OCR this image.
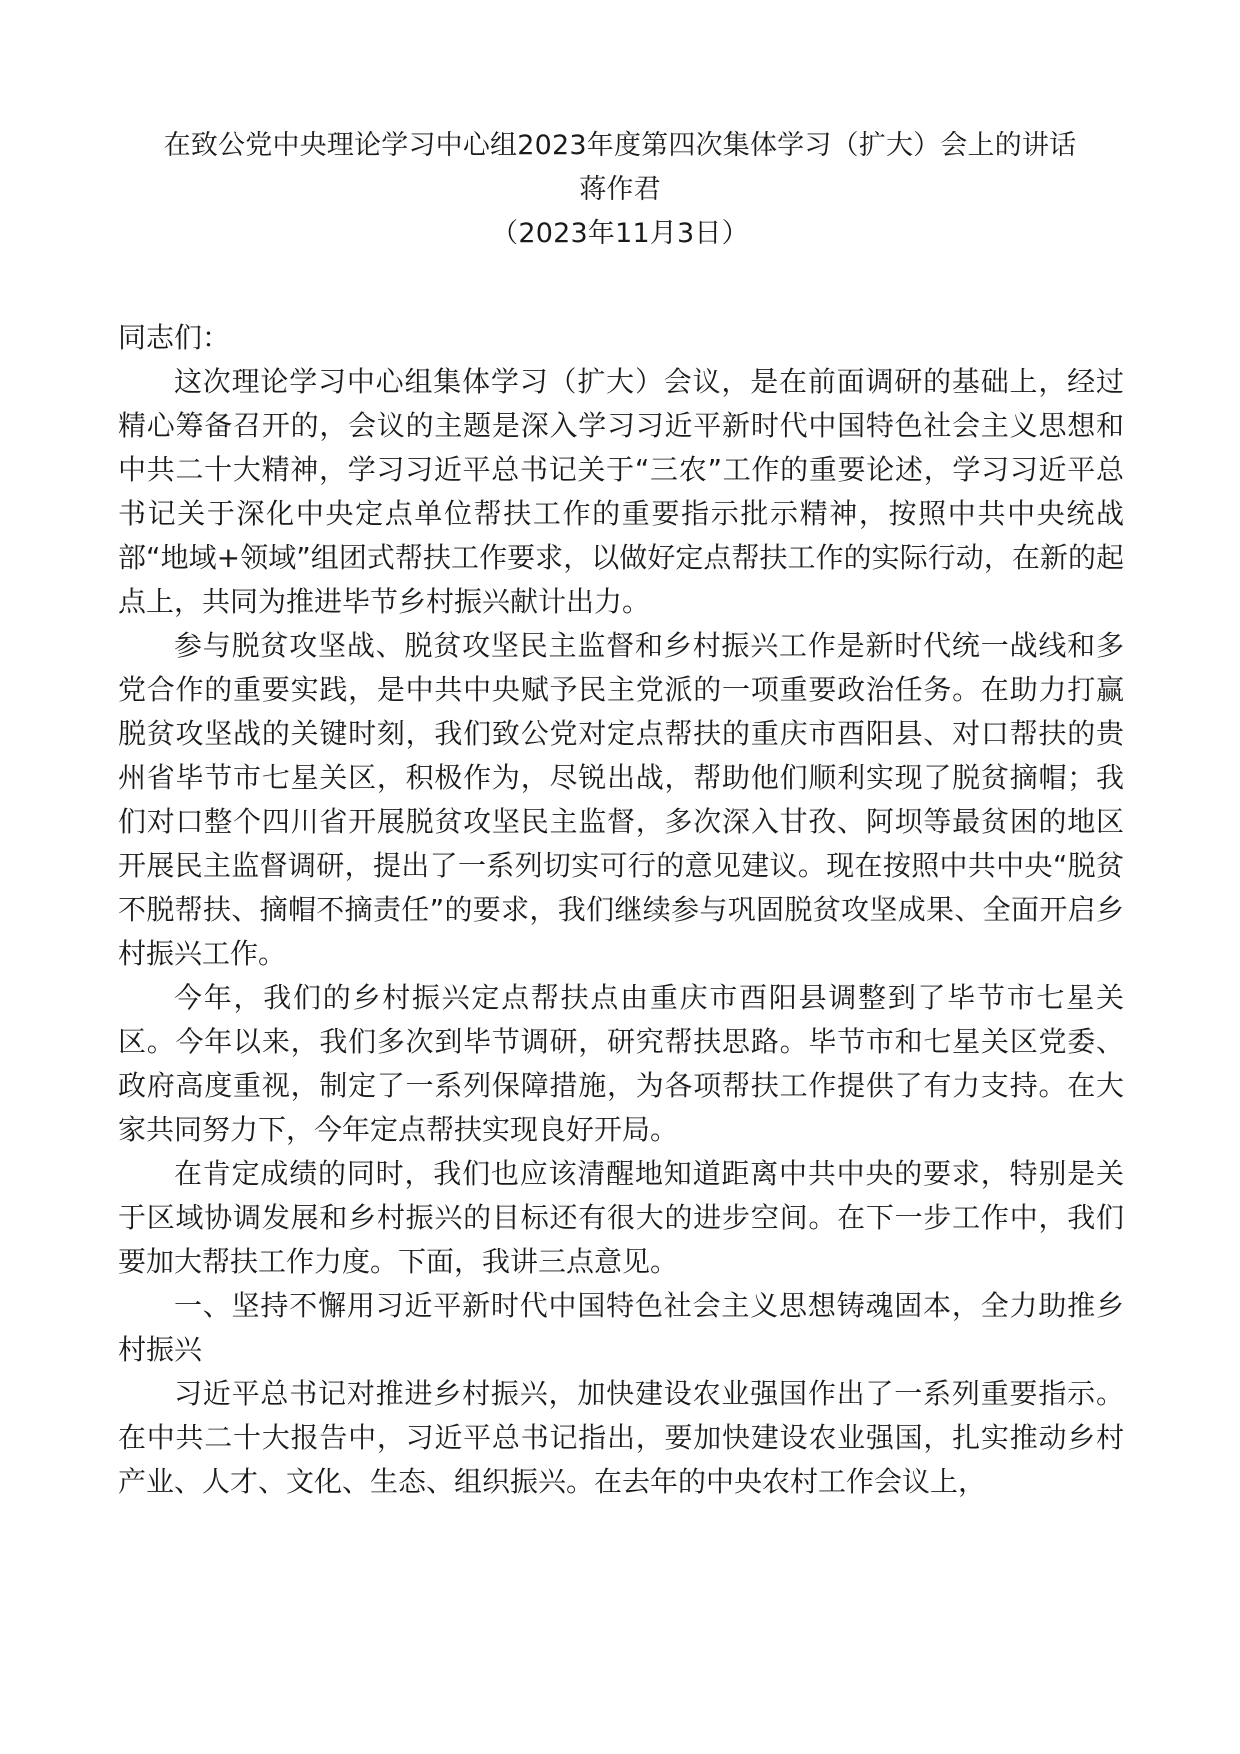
在致公党中央理论学习中心组2023年度第四次集体学习（扩大）会上的讲话
蒋作君
（2023年11月3日）

同志们：

这次理论学习中心组集体学习（扩大）会议，是在前面调研的基础上，经过精心筹备召开的，会议的主题是深入学习习近平新时代中国特色社会主义思想和中共二十大精神，学习习近平总书记关于“三农”工作的重要论述，学习习近平总书记关于深化中央定点单位帮扶工作的重要指示批示精神，按照中共中央统战部“地域+领域”组团式帮扶工作要求，以做好定点帮扶工作的实际行动，在新的起点上，共同为推进毕节乡村振兴献计出力。

参与脱贫攻坚战、脱贫攻坚民主监督和乡村振兴工作是新时代统一战线和多党合作的重要实践，是中共中央赋予民主党派的一项重要政治任务。在助力打赢脱贫攻坚战的关键时刻，我们致公党对定点帮扶的重庆市酉阳县、对口帮扶的贵州省毕节市七星关区，积极作为，尽锐出战，帮助他们顺利实现了脱贫摘帽；我们对口整个四川省开展脱贫攻坚民主监督，多次深入甘孜、阿坝等最贫困的地区开展民主监督调研，提出了一系列切实可行的意见建议。现在按照中共中央“脱贫不脱帮扶、摘帽不摘责任”的要求，我们继续参与巩固脱贫攻坚成果、全面开启乡村振兴工作。

今年，我们的乡村振兴定点帮扶点由重庆市酉阳县调整到了毕节市七星关区。今年以来，我们多次到毕节调研，研究帮扶思路。毕节市和七星关区党委、政府高度重视，制定了一系列保障措施，为各项帮扶工作提供了有力支持。在大家共同努力下，今年定点帮扶实现良好开局。

在肯定成绩的同时，我们也应该清醒地知道距离中共中央的要求，特别是关于区域协调发展和乡村振兴的目标还有很大的进步空间。在下一步工作中，我们要加大帮扶工作力度。下面，我讲三点意见。

一、坚持不懈用习近平新时代中国特色社会主义思想铸魂固本，全力助推乡村振兴

习近平总书记对推进乡村振兴，加快建设农业强国作出了一系列重要指示。在中共二十大报告中，习近平总书记指出，要加快建设农业强国，扎实推动乡村产业、人才、文化、生态、组织振兴。在去年的中央农村工作会议上，
